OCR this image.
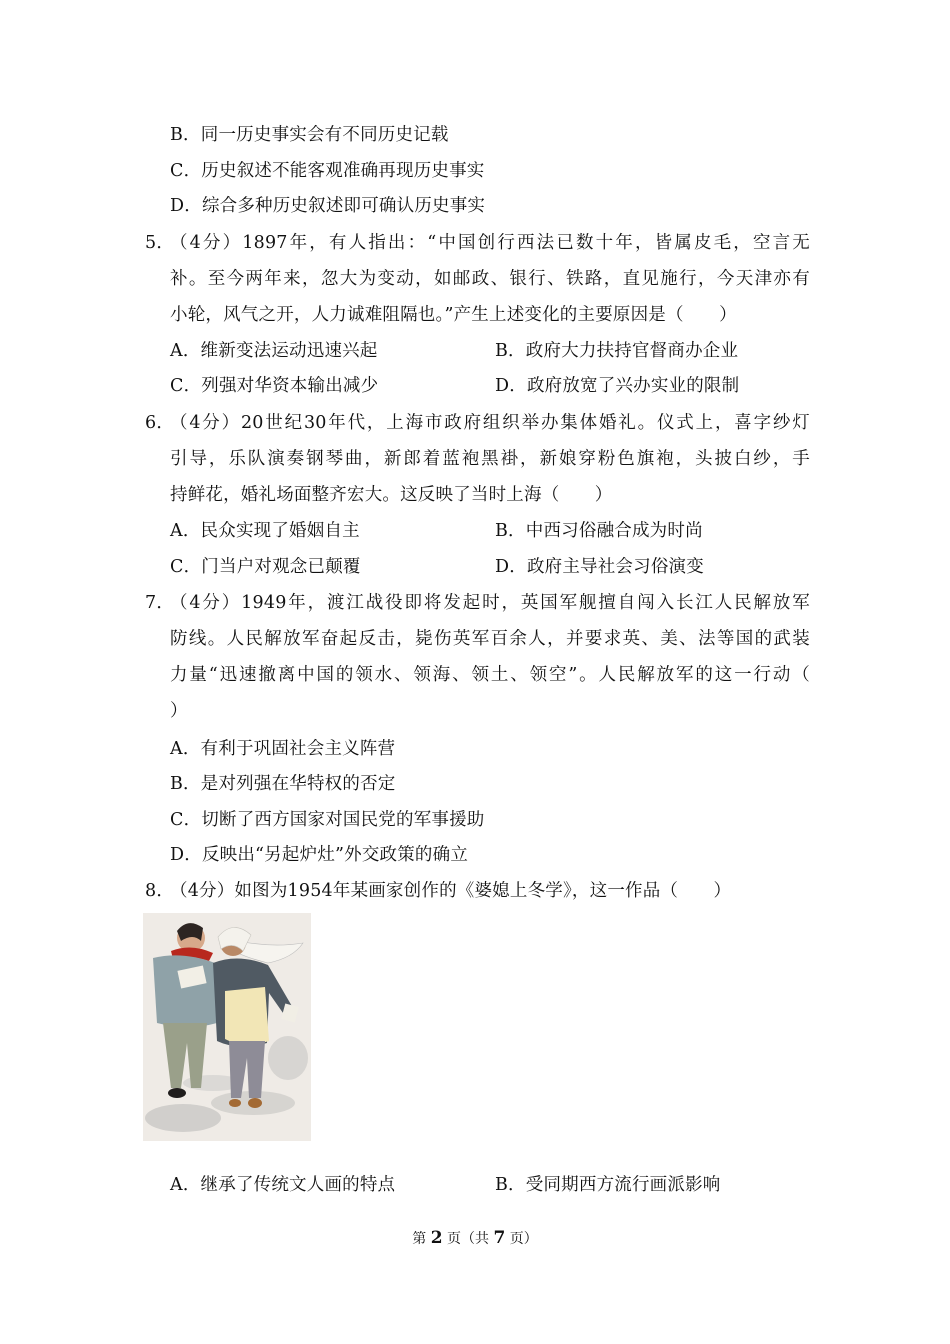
B．同一历史事实会有不同历史记载
C．历史叙述不能客观准确再现历史事实
D．综合多种历史叙述即可确认历史事实
5．
（4分）1897年，有人指出：“中国创行西法已数十年，皆属皮毛，空言无
补。至今两年来，忽大为变动，如邮政、银行、铁路，直见施行，今天津亦有
小轮，风气之开，人力诚难阻隔也。”产生上述变化的主要原因是（　　）
A．维新变法运动迅速兴起	B．政府大力扶持官督商办企业
C．列强对华资本输出减少	D．政府放宽了兴办实业的限制
6．
（4分）20世纪30年代，上海市政府组织举办集体婚礼。仪式上，喜字纱灯
引导，乐队演奏钢琴曲，新郎着蓝袍黑褂，新娘穿粉色旗袍，头披白纱，手
持鲜花，婚礼场面整齐宏大。这反映了当时上海（　　）
A．民众实现了婚姻自主	B．中西习俗融合成为时尚
C．门当户对观念已颠覆	D．政府主导社会习俗演变
7．
（4分）1949年，渡江战役即将发起时，英国军舰擅自闯入长江人民解放军
防线。人民解放军奋起反击，毙伤英军百余人，并要求英、美、法等国的武装
力量“迅速撤离中国的领水、领海、领土、领空”。人民解放军的这一行动（
）
A．有利于巩固社会主义阵营
B．是对列强在华特权的否定
C．切断了西方国家对国民党的军事援助
D．反映出“另起炉灶”外交政策的确立
8．
（4分）如图为1954年某画家创作的《婆媳上冬学》，这一作品（　　）
A．继承了传统文人画的特点	B．受同期西方流行画派影响
第 2 页（共 7 页）
